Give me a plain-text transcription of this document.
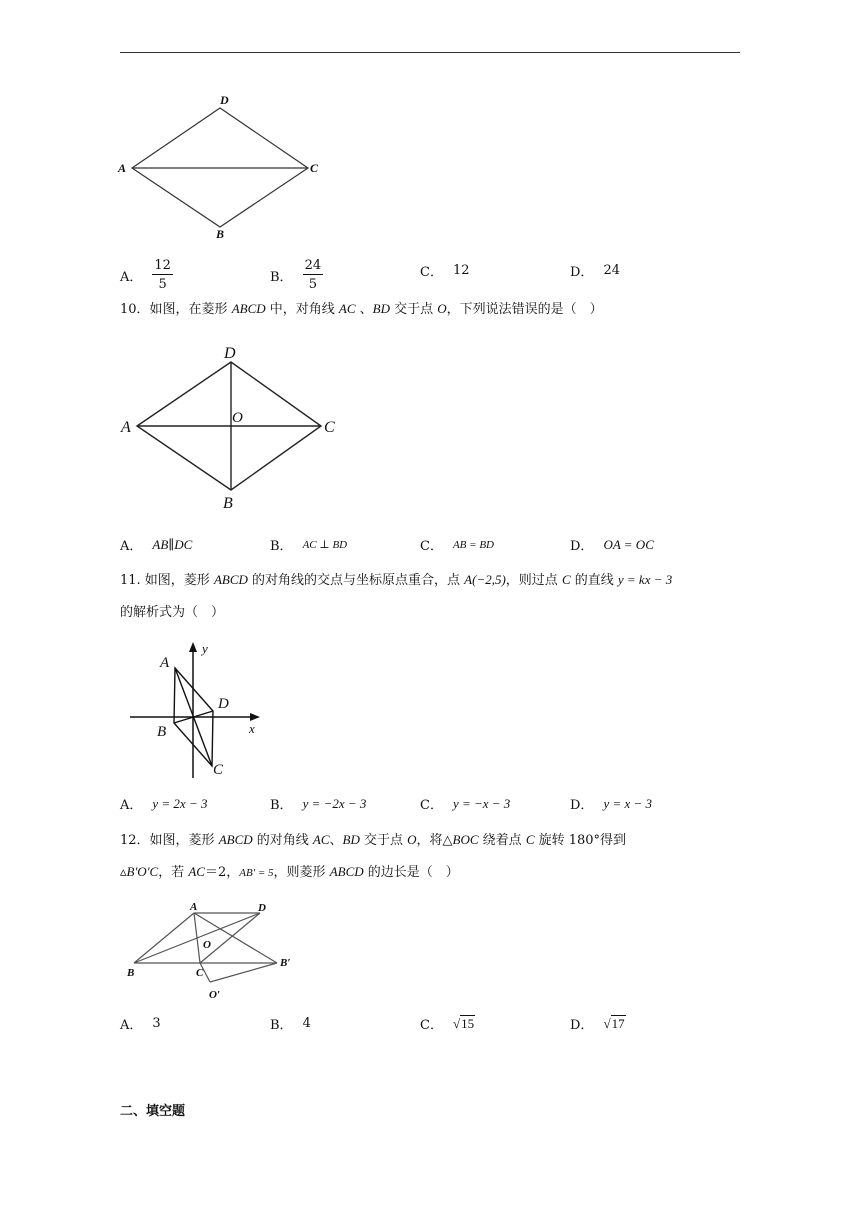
D
A	C
B
A． $\frac{12}{5}$	B． $\frac{24}{5}$	C． 12	D． 24
10．如图，在菱形 ABCD 中，对角线 AC 、BD 交于点 O，下列说法错误的是（　）
D
A	C
O
B
A． AB∥DC	B． AC ⊥ BD	C． AB = BD	D． OA = OC
11. 如图，菱形 ABCD 的对角线的交点与坐标原点重合，点 A(−2,5)，则过点 C 的直线 y = kx − 3
的解析式为（　）
A
y
D
B	x
C
A． y = 2x − 3	B． y = −2x − 3	C． y = −x − 3	D． y = x − 3
12．如图，菱形 ABCD 的对角线 AC、BD 交于点 O，将△BOC 绕着点 C 旋转 180°得到
▵B′O′C，若 AC＝2，AB′ = 5，则菱形 ABCD 的边长是（　）
A	D
O
B	C
B′
O′
A． 3	B． 4	C． √15	D． √17
二、填空题
